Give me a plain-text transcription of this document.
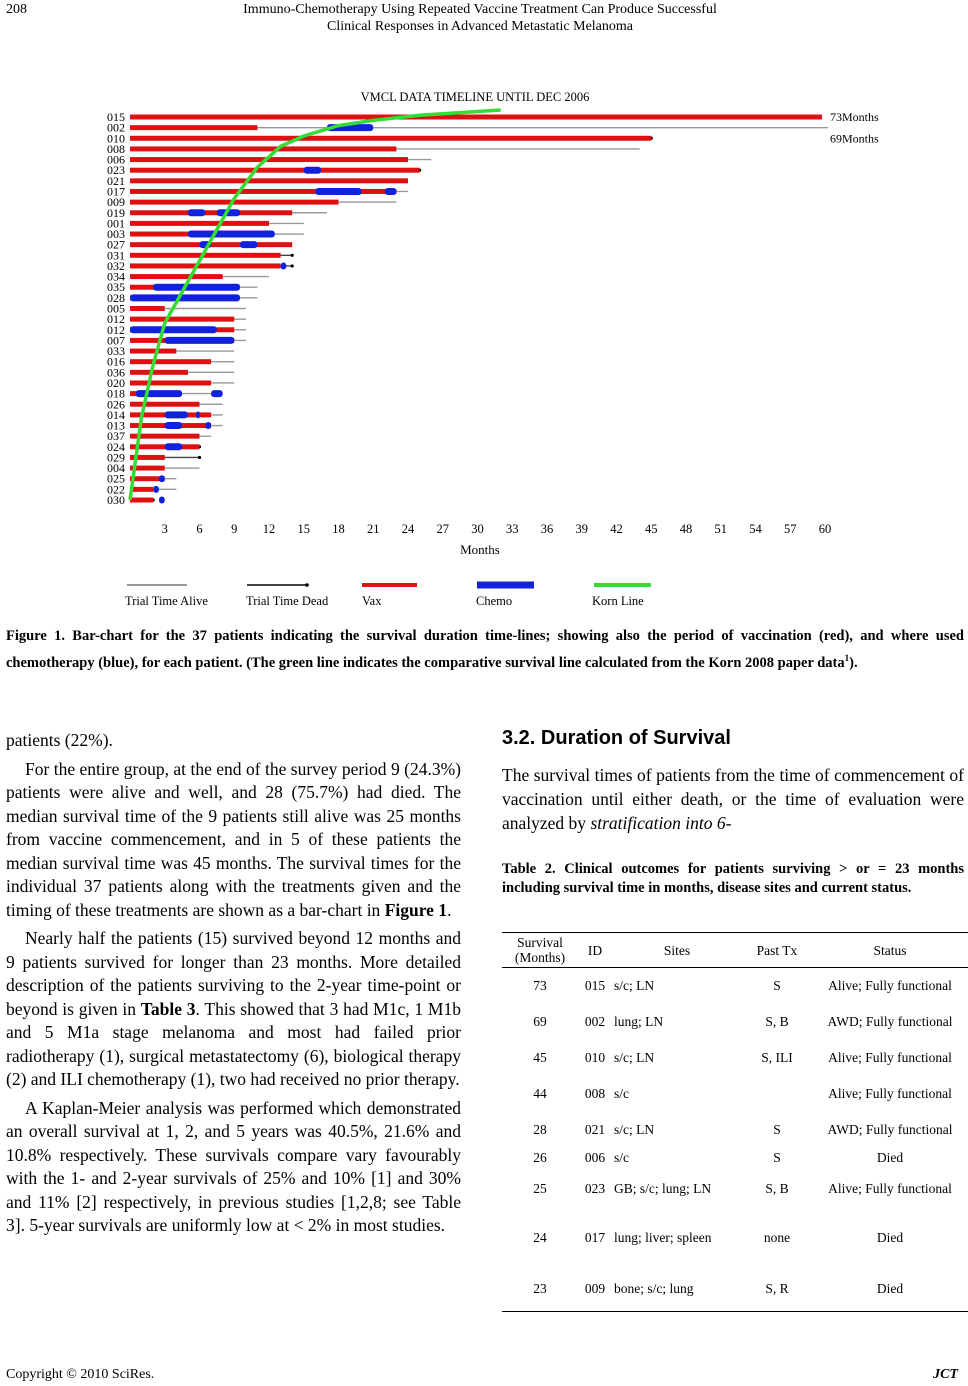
208	Immuno-Chemotherapy Using Repeated Vaccine Treatment Can Produce Successful
Clinical Responses in Advanced Metastatic Melanoma
VMCL DATA TIMELINE UNTIL DEC 2006
015
002
010
008
006
023
021
017
009
019
001
003
027
031
032
034
035
028
005
012
012
007
033
016
036
020
018
026
014
013
037
024
029
004
025
022
030
73Months
69Months
3 6 9 12 15 18 21 24 27 30 33 36 39 42 45 48 51 54 57 60
Months
Trial Time Alive	Trial Time Dead	Vax	Chemo	Korn Line
Figure 1. Bar-chart for the 37 patients indicating the survival duration time-lines; showing also the period of vaccination (red), and where used chemotherapy (blue), for each patient. (The green line indicates the comparative survival line calculated from the Korn 2008 paper data$^1$).

patients (22%).

For the entire group, at the end of the survey period 9 (24.3%) patients were alive and well, and 28 (75.7%) had died. The median survival time of the 9 patients still alive was 25 months from vaccine commencement, and in 5 of these patients the median survival time was 45 months. The survival times for the individual 37 patients along with the treatments given and the timing of these treatments are shown as a bar-chart in Figure 1.

Nearly half the patients (15) survived beyond 12 months and 9 patients survived for longer than 23 months. More detailed description of the patients surviving to the 2-year time-point or beyond is given in Table 3. This showed that 3 had M1c, 1 M1b and 5 M1a stage melanoma and most had failed prior radiotherapy (1), surgical metastatectomy (6), biological therapy (2) and ILI chemotherapy (1), two had received no prior therapy.

A Kaplan-Meier analysis was performed which demonstrated an overall survival at 1, 2, and 5 years was 40.5%, 21.6% and 10.8% respectively. These survivals compare vary favourably with the 1- and 2-year survivals of 25% and 10% [1] and 30% and 11% [2] respectively, in previous studies [1,2,8; see Table 3]. 5-year survivals are uniformly low at < 2% in most studies.

3.2. Duration of Survival
The survival times of patients from the time of commencement of vaccination until either death, or the time of evaluation were analyzed by stratification into 6-
Table 2. Clinical outcomes for patients surviving > or = 23 months including survival time in months, disease sites and current status.
Survival (Months)	ID	Sites	Past Tx	Status
73	015	s/c; LN	S	Alive; Fully functional
69	002	lung; LN	S, B	AWD; Fully functional
45	010	s/c; LN	S, ILI	Alive; Fully functional
44	008	s/c		Alive; Fully functional
28	021	s/c; LN	S	AWD; Fully functional
26	006	s/c	S	Died
25	023	GB; s/c; lung; LN	S, B	Alive; Fully functional
24	017	lung; liver; spleen	none	Died
23	009	bone; s/c; lung	S, R	Died
Copyright © 2010 SciRes.	JCT
